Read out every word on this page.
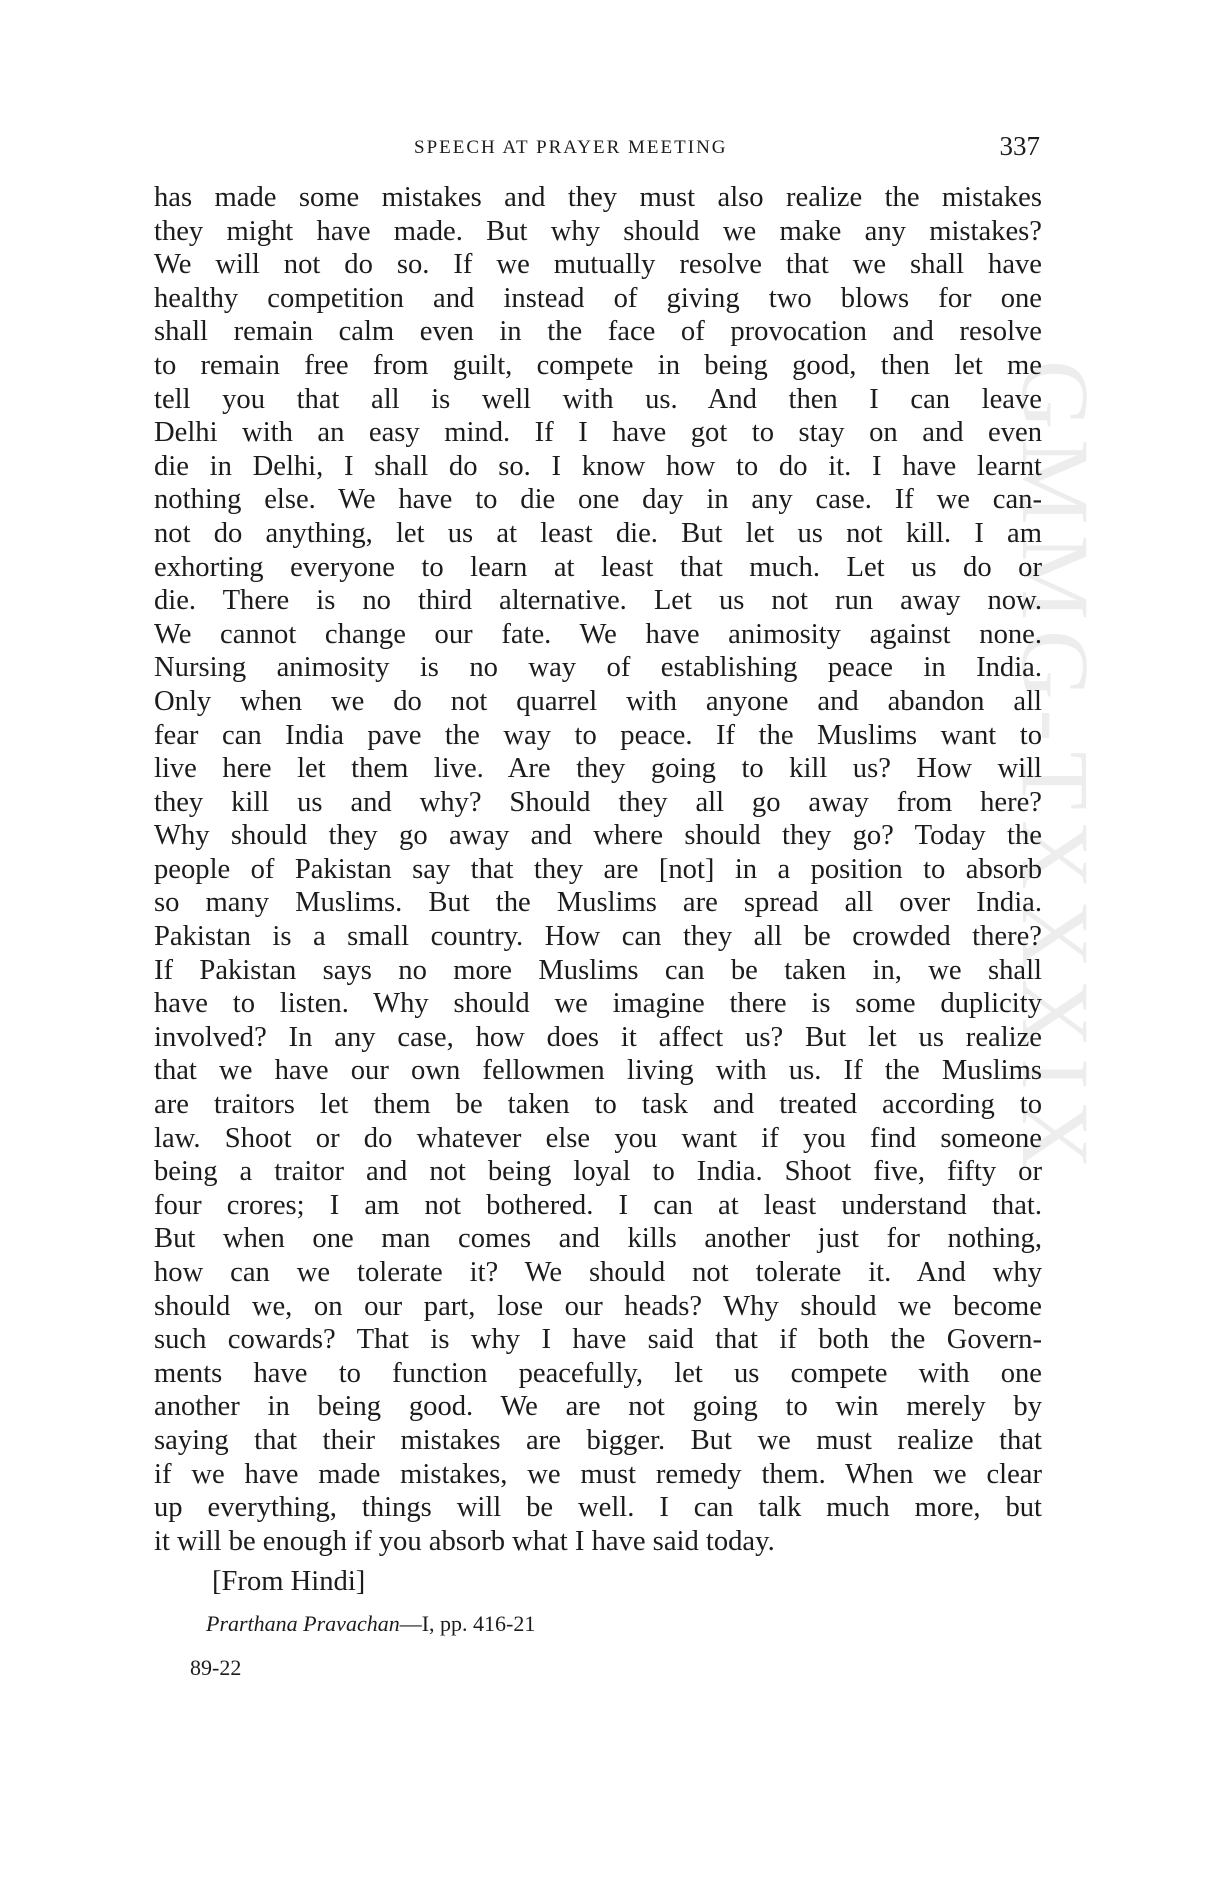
GMMG-TXXXIX
SPEECH AT PRAYER MEETING	337
has made some mistakes and they must also realize the mistakes
they might have made. But why should we make any mistakes?
We will not do so. If we mutually resolve that we shall have
healthy competition and instead of giving two blows for one
shall remain calm even in the face of provocation and resolve
to remain free from guilt, compete in being good, then let me
tell you that all is well with us. And then I can leave
Delhi with an easy mind. If I have got to stay on and even
die in Delhi, I shall do so. I know how to do it. I have learnt
nothing else. We have to die one day in any case. If we can-
not do anything, let us at least die. But let us not kill. I am
exhorting everyone to learn at least that much. Let us do or
die. There is no third alternative. Let us not run away now.
We cannot change our fate. We have animosity against none.
Nursing animosity is no way of establishing peace in India.
Only when we do not quarrel with anyone and abandon all
fear can India pave the way to peace. If the Muslims want to
live here let them live. Are they going to kill us? How will
they kill us and why? Should they all go away from here?
Why should they go away and where should they go? Today the
people of Pakistan say that they are [not] in a position to absorb
so many Muslims. But the Muslims are spread all over India.
Pakistan is a small country. How can they all be crowded there?
If Pakistan says no more Muslims can be taken in, we shall
have to listen. Why should we imagine there is some duplicity
involved? In any case, how does it affect us? But let us realize
that we have our own fellowmen living with us. If the Muslims
are traitors let them be taken to task and treated according to
law. Shoot or do whatever else you want if you find someone
being a traitor and not being loyal to India. Shoot five, fifty or
four crores; I am not bothered. I can at least understand that.
But when one man comes and kills another just for nothing,
how can we tolerate it? We should not tolerate it. And why
should we, on our part, lose our heads? Why should we become
such cowards? That is why I have said that if both the Govern-
ments have to function peacefully, let us compete with one
another in being good. We are not going to win merely by
saying that their mistakes are bigger. But we must realize that
if we have made mistakes, we must remedy them. When we clear
up everything, things will be well. I can talk much more, but
it will be enough if you absorb what I have said today.
[From Hindi]
Prarthana Pravachan—I, pp. 416-21
89-22
